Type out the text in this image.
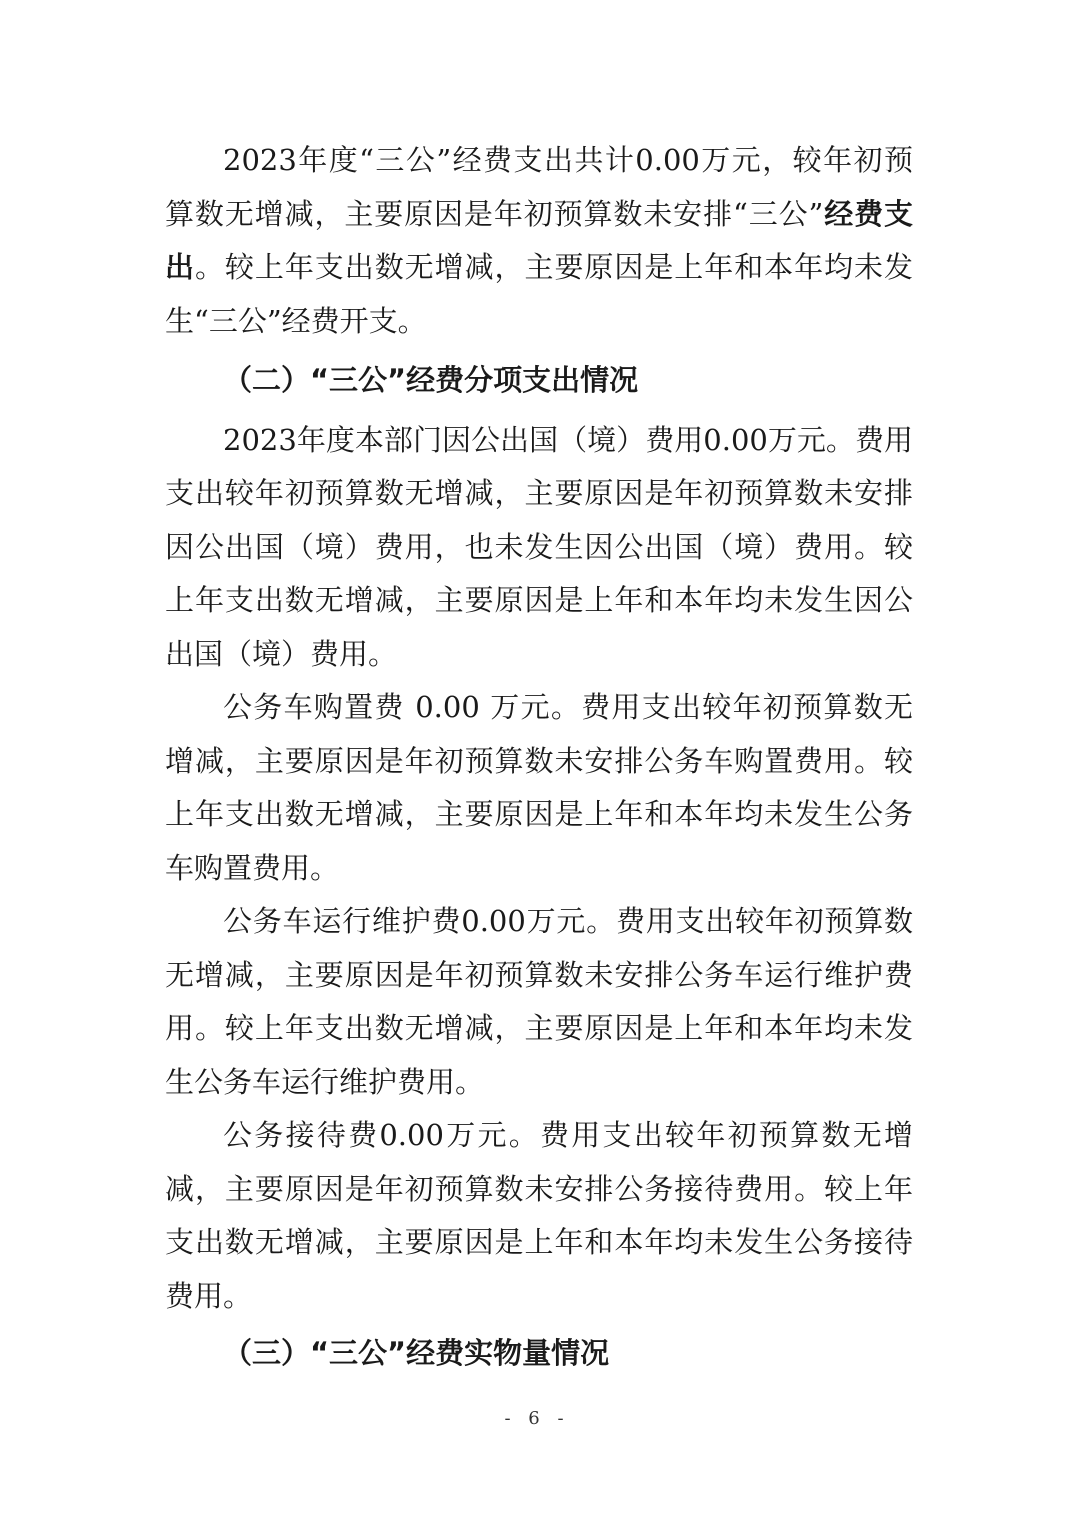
2023年度“三公”经费支出共计0.00万元，较年初预算数无增减，主要原因是年初预算数未安排“三公”经费支出。较上年支出数无增减，主要原因是上年和本年均未发生“三公”经费开支。

（二）“三公”经费分项支出情况

2023年度本部门因公出国（境）费用0.00万元。费用支出较年初预算数无增减，主要原因是年初预算数未安排因公出国（境）费用，也未发生因公出国（境）费用。较上年支出数无增减，主要原因是上年和本年均未发生因公出国（境）费用。

公务车购置费 0.00 万元。费用支出较年初预算数无增减，主要原因是年初预算数未安排公务车购置费用。较上年支出数无增减，主要原因是上年和本年均未发生公务车购置费用。

公务车运行维护费0.00万元。费用支出较年初预算数无增减，主要原因是年初预算数未安排公务车运行维护费用。较上年支出数无增减，主要原因是上年和本年均未发生公务车运行维护费用。

公务接待费0.00万元。费用支出较年初预算数无增减，主要原因是年初预算数未安排公务接待费用。较上年支出数无增减，主要原因是上年和本年均未发生公务接待费用。

（三）“三公”经费实物量情况

- 6 -
